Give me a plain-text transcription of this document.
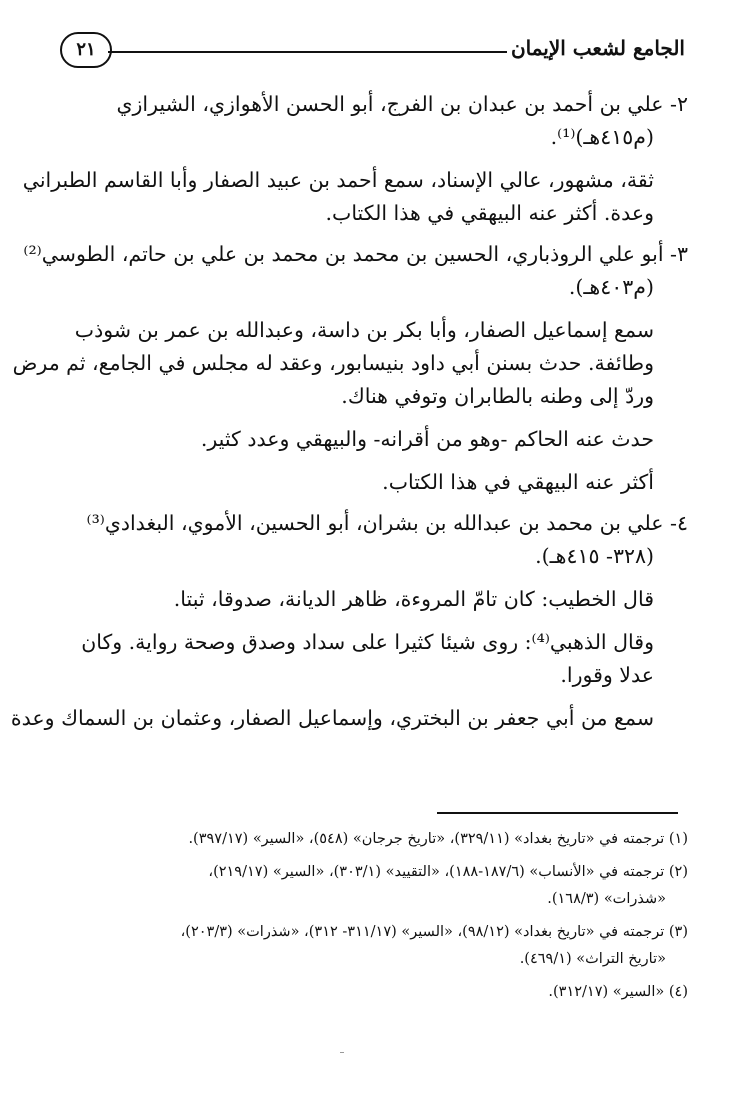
الجامع لشعب الإيمان
٢١
٢- علي بن أحمد بن عبدان بن الفرج، أبو الحسن الأهوازي، الشيرازي
(م٤١٥هـ)⁽¹⁾.
ثقة، مشهور، عالي الإسناد، سمع أحمد بن عبيد الصفار وأبا القاسم الطبراني
وعدة. أكثر عنه البيهقي في هذا الكتاب.
٣- أبو علي الروذباري، الحسين بن محمد بن محمد بن علي بن حاتم، الطوسي⁽²⁾
(م٤٠٣هـ).
سمع إسماعيل الصفار، وأبا بكر بن داسة، وعبدالله بن عمر بن شوذب
وطائفة. حدث بسنن أبي داود بنيسابور، وعقد له مجلس في الجامع، ثم مرض
وردّ إلى وطنه بالطابران وتوفي هناك.
حدث عنه الحاكم -وهو من أقرانه- والبيهقي وعدد كثير.
أكثر عنه البيهقي في هذا الكتاب.
٤- علي بن محمد بن عبدالله بن بشران، أبو الحسين، الأموي، البغدادي⁽³⁾
(٣٢٨- ٤١٥هـ).
قال الخطيب: كان تامّ المروءة، ظاهر الديانة، صدوقا، ثبتا.
وقال الذهبي⁽⁴⁾: روى شيئا كثيرا على سداد وصدق وصحة رواية. وكان
عدلا وقورا.
سمع من أبي جعفر بن البختري، وإسماعيل الصفار، وعثمان بن السماك وعدة
(١) ترجمته في «تاريخ بغداد» (٣٢٩/١١)، «تاريخ جرجان» (٥٤٨)، «السير» (٣٩٧/١٧).
(٢) ترجمته في «الأنساب» (١٨٧/٦-١٨٨)، «التقييد» (٣٠٣/١)، «السير» (٢١٩/١٧)،
«شذرات» (١٦٨/٣).
(٣) ترجمته في «تاريخ بغداد» (٩٨/١٢)، «السير» (٣١١/١٧- ٣١٢)، «شذرات» (٢٠٣/٣)،
«تاريخ التراث» (٤٦٩/١).
(٤) «السير» (٣١٢/١٧).
